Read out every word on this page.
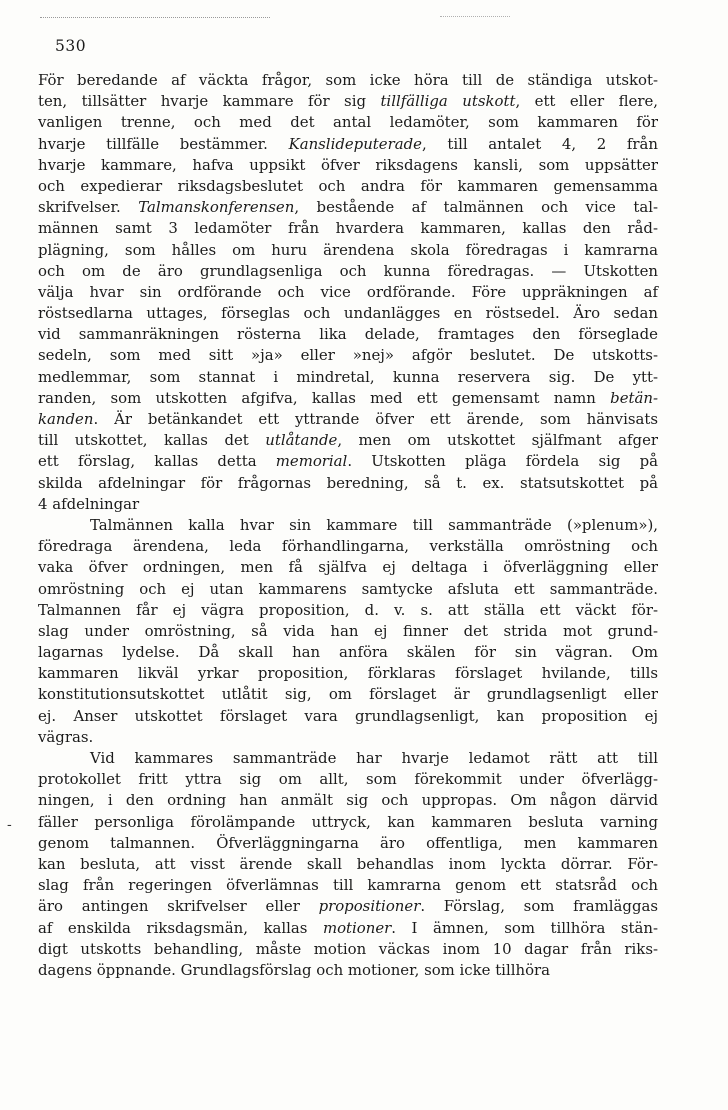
530
-
För beredande af väckta frågor, som icke höra till de ständiga utskot-
ten, tillsätter hvarje kammare för sig tillfälliga utskott, ett eller flere,
vanligen trenne, och med det antal ledamöter, som kammaren för
hvarje tillfälle bestämmer. Kanslideputerade, till antalet 4, 2 från
hvarje kammare, hafva uppsikt öfver riksdagens kansli, som uppsätter
och expedierar riksdagsbeslutet och andra för kammaren gemensamma
skrifvelser. Talmanskonferensen, bestående af talmännen och vice tal-
männen samt 3 ledamöter från hvardera kammaren, kallas den råd-
plägning, som hålles om huru ärendena skola föredragas i kamrarna
och om de äro grundlagsenliga och kunna föredragas. — Utskotten
välja hvar sin ordförande och vice ordförande. Före uppräkningen af
röstsedlarna uttages, förseglas och undanlägges en röstsedel. Äro sedan
vid sammanräkningen rösterna lika delade, framtages den förseglade
sedeln, som med sitt »ja» eller »nej» afgör beslutet. De utskotts-
medlemmar, som stannat i mindretal, kunna reservera sig. De ytt-
randen, som utskotten afgifva, kallas med ett gemensamt namn betän-
kanden. Är betänkandet ett yttrande öfver ett ärende, som hänvisats
till utskottet, kallas det utlåtande, men om utskottet själfmant afger
ett förslag, kallas detta memorial. Utskotten pläga fördela sig på
skilda afdelningar för frågornas beredning, så t. ex. statsutskottet på
4 afdelningar
Talmännen kalla hvar sin kammare till sammanträde (»plenum»),
föredraga ärendena, leda förhandlingarna, verkställa omröstning och
vaka öfver ordningen, men få själfva ej deltaga i öfverläggning eller
omröstning och ej utan kammarens samtycke afsluta ett sammanträde.
Talmannen får ej vägra proposition, d. v. s. att ställa ett väckt för-
slag under omröstning, så vida han ej finner det strida mot grund-
lagarnas lydelse. Då skall han anföra skälen för sin vägran. Om
kammaren likväl yrkar proposition, förklaras förslaget hvilande, tills
konstitutionsutskottet utlåtit sig, om förslaget är grundlagsenligt eller
ej. Anser utskottet förslaget vara grundlagsenligt, kan proposition ej
vägras.
Vid kammares sammanträde har hvarje ledamot rätt att till
protokollet fritt yttra sig om allt, som förekommit under öfverlägg-
ningen, i den ordning han anmält sig och uppropas. Om någon därvid
fäller personliga förolämpande uttryck, kan kammaren besluta varning
genom talmannen. Öfverläggningarna äro offentliga, men kammaren
kan besluta, att visst ärende skall behandlas inom lyckta dörrar. För-
slag från regeringen öfverlämnas till kamrarna genom ett statsråd och
äro antingen skrifvelser eller propositioner. Förslag, som framläggas
af enskilda riksdagsmän, kallas motioner. I ämnen, som tillhöra stän-
digt utskotts behandling, måste motion väckas inom 10 dagar från riks-
dagens öppnande. Grundlagsförslag och motioner, som icke tillhöra
